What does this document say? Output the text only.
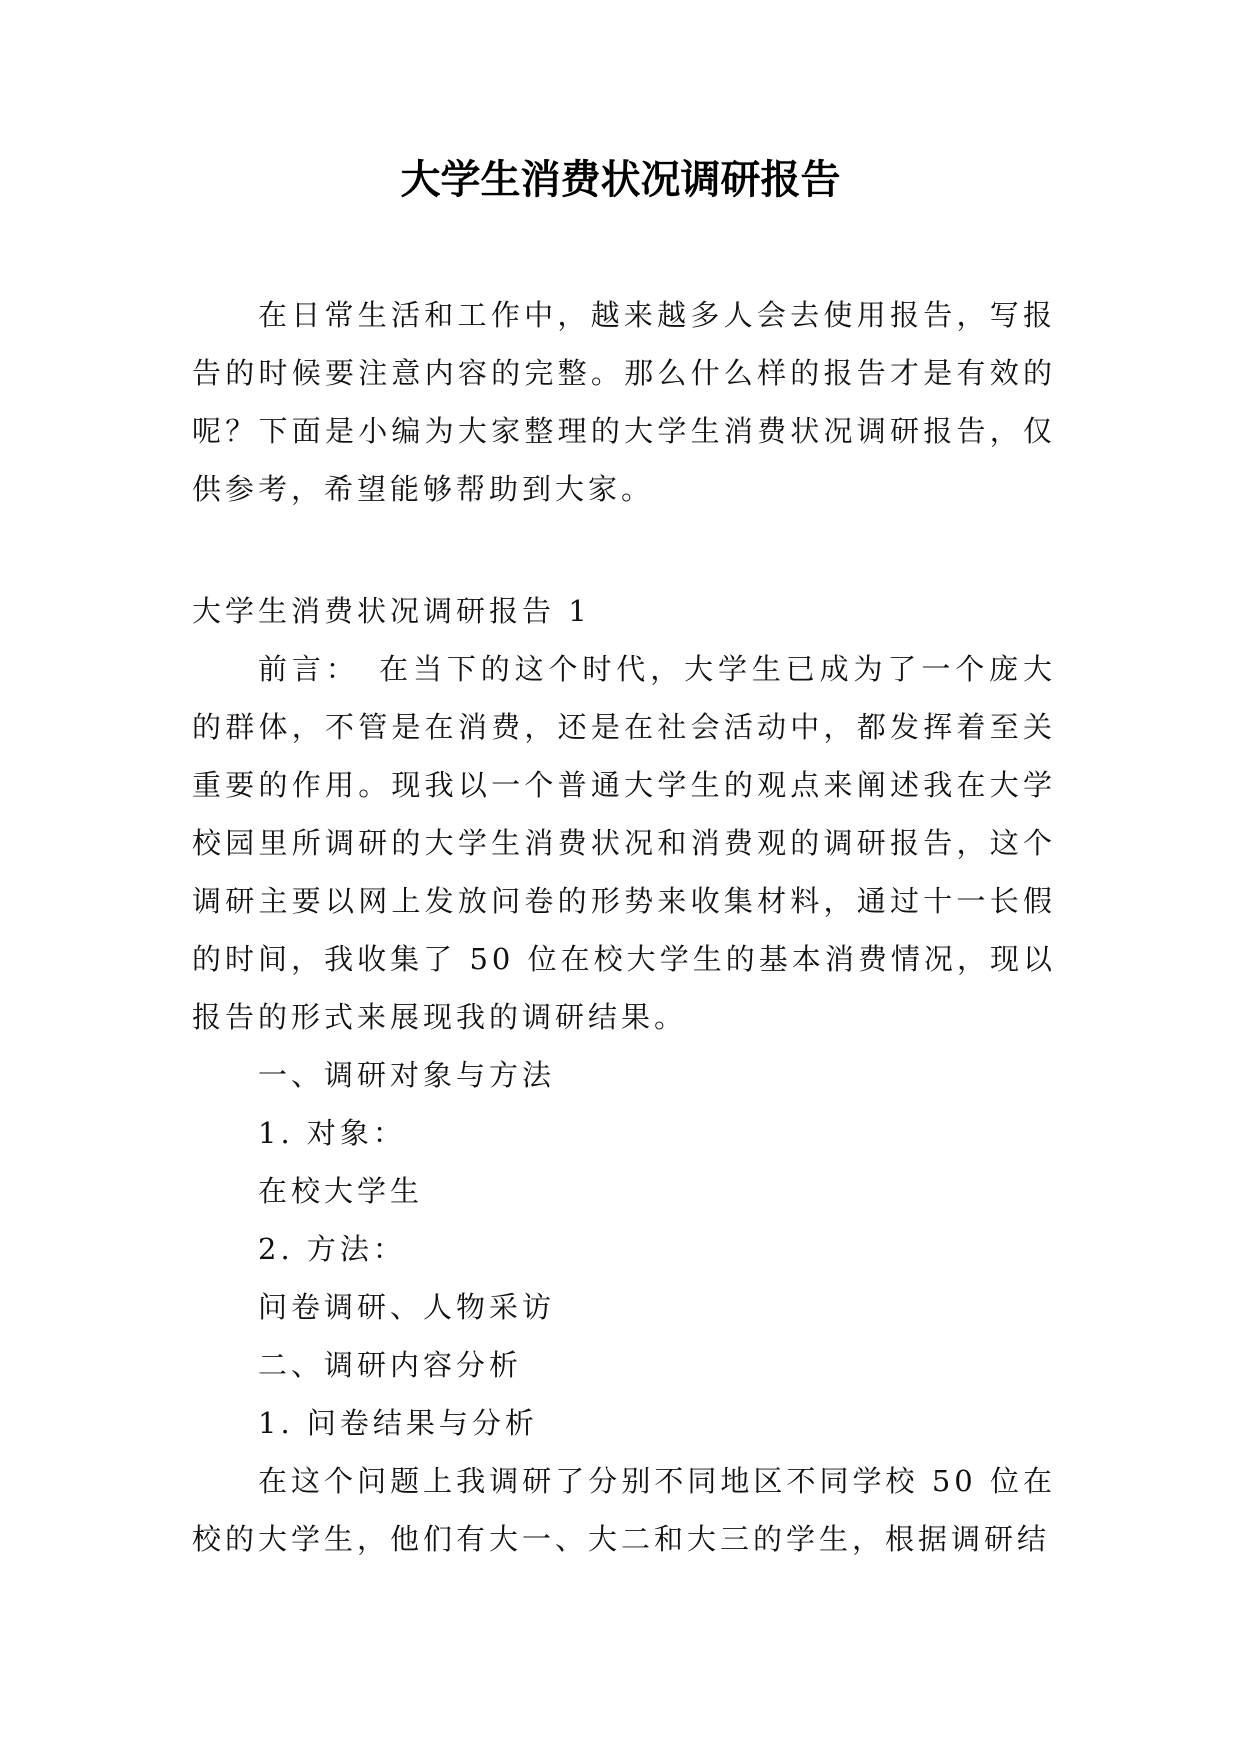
大学生消费状况调研报告

在日常生活和工作中，越来越多人会去使用报告，写报告的时候要注意内容的完整。那么什么样的报告才是有效的呢？下面是小编为大家整理的大学生消费状况调研报告，仅供参考，希望能够帮助到大家。

大学生消费状况调研报告 1

前言：　在当下的这个时代，大学生已成为了一个庞大的群体，不管是在消费，还是在社会活动中，都发挥着至关重要的作用。现我以一个普通大学生的观点来阐述我在大学校园里所调研的大学生消费状况和消费观的调研报告，这个调研主要以网上发放问卷的形势来收集材料，通过十一长假的时间，我收集了 50 位在校大学生的基本消费情况，现以报告的形式来展现我的调研结果。

一、调研对象与方法

1. 对象：

在校大学生

2. 方法：

问卷调研、人物采访

二、调研内容分析

1. 问卷结果与分析

在这个问题上我调研了分别不同地区不同学校 50 位在校的大学生，他们有大一、大二和大三的学生，根据调研结
